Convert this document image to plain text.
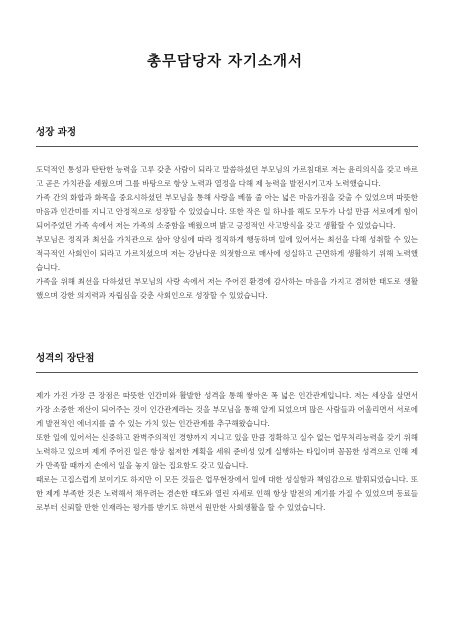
총무담당자 자기소개서
성장 과정

도덕적인 통성과 탄탄한 능력을 고루 갖춘 사람이 되라고 말씀하셨던 부모님의 가르침대로 저는 윤리의식을 갖고 바르고 곧은 가치관을 세웠으며 그를 바탕으로 항상 노력과 열정을 다해 제 능력을 발전시키고자 노력했습니다.

가족 간의 화합과 화목을 중요시하셨던 부모님을 통해 사랑을 베풀 줄 아는 넓은 마음가짐을 갖출 수 있었으며 따뜻한 마음과 인간미를 지니고 안정적으로 성장할 수 있었습니다. 또한 작은 일 하나를 해도 모두가 나설 만큼 서로에게 힘이 되어주었던 가족 속에서 저는 가족의 소중함을 배웠으며 밝고 긍정적인 사고방식을 갖고 생활할 수 있었습니다.

부모님은 정직과 최선을 가치관으로 삼아 양심에 따라 정직하게 행동하며 일에 있어서는 최선을 다해 성취할 수 있는 적극적인 사회인이 되라고 가르치셨으며 저는 강남다운 의젓함으로 매사에 성실하고 근면하게 생활하기 위해 노력했습니다.

가족을 위해 최선을 다하셨던 부모님의 사랑 속에서 저는 주어진 환경에 감사하는 마음을 가지고 겸허한 태도로 생활했으며 강한 의지력과 자립심을 갖춘 사회인으로 성장할 수 있었습니다.

성격의 장단점

제가 가진 가장 큰 장점은 따뜻한 인간미와 활발한 성격을 통해 쌓아온 폭 넓은 인간관계입니다. 저는 세상을 살면서 가장 소중한 재산이 되어주는 것이 인간관계라는 것을 부모님을 통해 알게 되었으며 많은 사람들과 어울리면서 서로에게 발전적인 에너지를 줄 수 있는 가치 있는 인간관계를 추구해왔습니다.

또한 일에 있어서는 신중하고 완벽주의적인 경향까지 지니고 있을 만큼 정확하고 실수 없는 업무처리능력을 갖기 위해 노력하고 있으며 제게 주어진 일은 항상 철저한 계획을 세워 준비성 있게 실행하는 타입이며 꼼꼼한 성격으로 인해 제가 만족할 때까지 손에서 일을 놓지 않는 집요함도 갖고 있습니다.

때로는 고집스럽게 보이기도 하지만 이 모든 것들은 업무현장에서 일에 대한 성실함과 책임감으로 발휘되었습니다. 또한 제게 부족한 것은 노력해서 채우려는 겸손한 태도와 열린 자세로 인해 항상 발전의 계기를 가질 수 있었으며 동료들로부터 신뢰할 만한 인재라는 평가를 받기도 하면서 원만한 사회생활을 할 수 있었습니다.
